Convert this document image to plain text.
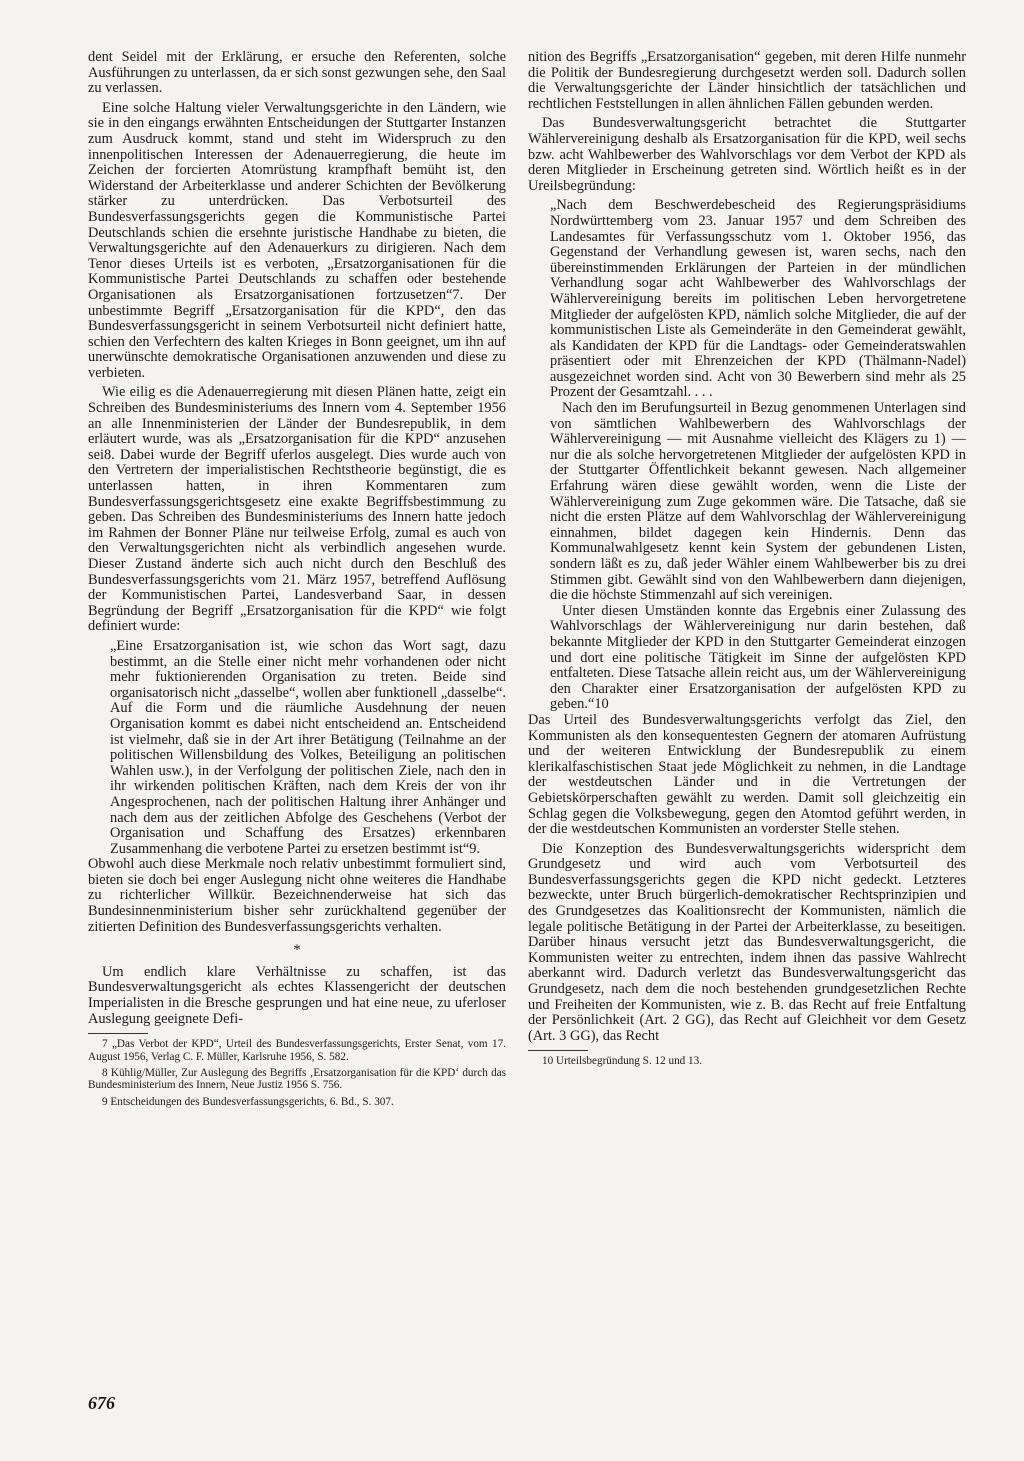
dent Seidel mit der Erklärung, er ersuche den Referenten, solche Ausführungen zu unterlassen, da er sich sonst gezwungen sehe, den Saal zu verlassen.

Eine solche Haltung vieler Verwaltungsgerichte in den Ländern, wie sie in den eingangs erwähnten Entscheidungen der Stuttgarter Instanzen zum Ausdruck kommt, stand und steht im Widerspruch zu den innenpolitischen Interessen der Adenauerregierung, die heute im Zeichen der forcierten Atomrüstung krampfhaft bemüht ist, den Widerstand der Arbeiterklasse und anderer Schichten der Bevölkerung stärker zu unterdrücken. Das Verbotsurteil des Bundesverfassungsgerichts gegen die Kommunistische Partei Deutschlands schien die ersehnte juristische Handhabe zu bieten, die Verwaltungsgerichte auf den Adenauerkurs zu dirigieren. Nach dem Tenor dieses Urteils ist es verboten, „Ersatzorganisationen für die Kommunistische Partei Deutschlands zu schaffen oder bestehende Organisationen als Ersatzorganisationen fortzusetzen“7. Der unbestimmte Begriff „Ersatzorganisation für die KPD“, den das Bundesverfassungsgericht in seinem Verbotsurteil nicht definiert hatte, schien den Verfechtern des kalten Krieges in Bonn geeignet, um ihn auf unerwünschte demokratische Organisationen anzuwenden und diese zu verbieten.

Wie eilig es die Adenauerregierung mit diesen Plänen hatte, zeigt ein Schreiben des Bundesministeriums des Innern vom 4. September 1956 an alle Innenministerien der Länder der Bundesrepublik, in dem erläutert wurde, was als „Ersatzorganisation für die KPD“ anzusehen sei8. Dabei wurde der Begriff uferlos ausgelegt. Dies wurde auch von den Vertretern der imperialistischen Rechtstheorie begünstigt, die es unterlassen hatten, in ihren Kommentaren zum Bundesverfassungsgerichtsgesetz eine exakte Begriffsbestimmung zu geben. Das Schreiben des Bundesministeriums des Innern hatte jedoch im Rahmen der Bonner Pläne nur teilweise Erfolg, zumal es auch von den Verwaltungsgerichten nicht als verbindlich angesehen wurde. Dieser Zustand änderte sich auch nicht durch den Beschluß des Bundesverfassungsgerichts vom 21. März 1957, betreffend Auflösung der Kommunistischen Partei, Landesverband Saar, in dessen Begründung der Begriff „Ersatzorganisation für die KPD“ wie folgt definiert wurde:

„Eine Ersatzorganisation ist, wie schon das Wort sagt, dazu bestimmt, an die Stelle einer nicht mehr vorhandenen oder nicht mehr fuktionierenden Organisation zu treten. Beide sind organisatorisch nicht „dasselbe“, wollen aber funktionell „dasselbe“. Auf die Form und die räumliche Ausdehnung der neuen Organisation kommt es dabei nicht entscheidend an. Entscheidend ist vielmehr, daß sie in der Art ihrer Betätigung (Teilnahme an der politischen Willensbildung des Volkes, Beteiligung an politischen Wahlen usw.), in der Verfolgung der politischen Ziele, nach den in ihr wirkenden politischen Kräften, nach dem Kreis der von ihr Angesprochenen, nach der politischen Haltung ihrer Anhänger und nach dem aus der zeitlichen Abfolge des Geschehens (Verbot der Organisation und Schaffung des Ersatzes) erkennbaren Zusammenhang die verbotene Partei zu ersetzen bestimmt ist“9.

Obwohl auch diese Merkmale noch relativ unbestimmt formuliert sind, bieten sie doch bei enger Auslegung nicht ohne weiteres die Handhabe zu richterlicher Willkür. Bezeichnenderweise hat sich das Bundesinnenministerium bisher sehr zurückhaltend gegenüber der zitierten Definition des Bundesverfassungsgerichts verhalten.

*

Um endlich klare Verhältnisse zu schaffen, ist das Bundesverwaltungsgericht als echtes Klassengericht der deutschen Imperialisten in die Bresche gesprungen und hat eine neue, zu uferloser Auslegung geeignete Defi-

7 „Das Verbot der KPD“, Urteil des Bundesverfassungsgerichts, Erster Senat, vom 17. August 1956, Verlag C. F. Müller, Karlsruhe 1956, S. 582.

8 Kühlig/Müller, Zur Auslegung des Begriffs ‚Ersatzorganisation für die KPD‘ durch das Bundesministerium des Innern, Neue Justiz 1956 S. 756.

9 Entscheidungen des Bundesverfassungsgerichts, 6. Bd., S. 307.

nition des Begriffs „Ersatzorganisation“ gegeben, mit deren Hilfe nunmehr die Politik der Bundesregierung durchgesetzt werden soll. Dadurch sollen die Verwaltungsgerichte der Länder hinsichtlich der tatsächlichen und rechtlichen Feststellungen in allen ähnlichen Fällen gebunden werden.

Das Bundesverwaltungsgericht betrachtet die Stuttgarter Wählervereinigung deshalb als Ersatzorganisation für die KPD, weil sechs bzw. acht Wahlbewerber des Wahlvorschlags vor dem Verbot der KPD als deren Mitglieder in Erscheinung getreten sind. Wörtlich heißt es in der Ureilsbegründung:

„Nach dem Beschwerdebescheid des Regierungspräsidiums Nordwürttemberg vom 23. Januar 1957 und dem Schreiben des Landesamtes für Verfassungsschutz vom 1. Oktober 1956, das Gegenstand der Verhandlung gewesen ist, waren sechs, nach den übereinstimmenden Erklärungen der Parteien in der mündlichen Verhandlung sogar acht Wahlbewerber des Wahlvorschlags der Wählervereinigung bereits im politischen Leben hervorgetretene Mitglieder der aufgelösten KPD, nämlich solche Mitglieder, die auf der kommunistischen Liste als Gemeinderäte in den Gemeinderat gewählt, als Kandidaten der KPD für die Landtags- oder Gemeinderatswahlen präsentiert oder mit Ehrenzeichen der KPD (Thälmann-Nadel) ausgezeichnet worden sind. Acht von 30 Bewerbern sind mehr als 25 Prozent der Gesamtzahl. . . .

Nach den im Berufungsurteil in Bezug genommenen Unterlagen sind von sämtlichen Wahlbewerbern des Wahlvorschlags der Wählervereinigung — mit Ausnahme vielleicht des Klägers zu 1) — nur die als solche hervorgetretenen Mitglieder der aufgelösten KPD in der Stuttgarter Öffentlichkeit bekannt gewesen. Nach allgemeiner Erfahrung wären diese gewählt worden, wenn die Liste der Wählervereinigung zum Zuge gekommen wäre. Die Tatsache, daß sie nicht die ersten Plätze auf dem Wahlvorschlag der Wählervereinigung einnahmen, bildet dagegen kein Hindernis. Denn das Kommunalwahlgesetz kennt kein System der gebundenen Listen, sondern läßt es zu, daß jeder Wähler einem Wahlbewerber bis zu drei Stimmen gibt. Gewählt sind von den Wahlbewerbern dann diejenigen, die die höchste Stimmenzahl auf sich vereinigen.

Unter diesen Umständen konnte das Ergebnis einer Zulassung des Wahlvorschlags der Wählervereinigung nur darin bestehen, daß bekannte Mitglieder der KPD in den Stuttgarter Gemeinderat einzogen und dort eine politische Tätigkeit im Sinne der aufgelösten KPD entfalteten. Diese Tatsache allein reicht aus, um der Wählervereinigung den Charakter einer Ersatzorganisation der aufgelösten KPD zu geben.“10

Das Urteil des Bundesverwaltungsgerichts verfolgt das Ziel, den Kommunisten als den konsequentesten Gegnern der atomaren Aufrüstung und der weiteren Entwicklung der Bundesrepublik zu einem klerikalfaschistischen Staat jede Möglichkeit zu nehmen, in die Landtage der westdeutschen Länder und in die Vertretungen der Gebietskörperschaften gewählt zu werden. Damit soll gleichzeitig ein Schlag gegen die Volksbewegung, gegen den Atomtod geführt werden, in der die westdeutschen Kommunisten an vorderster Stelle stehen.

Die Konzeption des Bundesverwaltungsgerichts widerspricht dem Grundgesetz und wird auch vom Verbotsurteil des Bundesverfassungsgerichts gegen die KPD nicht gedeckt. Letzteres bezweckte, unter Bruch bürgerlich-demokratischer Rechtsprinzipien und des Grundgesetzes das Koalitionsrecht der Kommunisten, nämlich die legale politische Betätigung in der Partei der Arbeiterklasse, zu beseitigen. Darüber hinaus versucht jetzt das Bundesverwaltungsgericht, die Kommunisten weiter zu entrechten, indem ihnen das passive Wahlrecht aberkannt wird. Dadurch verletzt das Bundesverwaltungsgericht das Grundgesetz, nach dem die noch bestehenden grundgesetzlichen Rechte und Freiheiten der Kommunisten, wie z. B. das Recht auf freie Entfaltung der Persönlichkeit (Art. 2 GG), das Recht auf Gleichheit vor dem Gesetz (Art. 3 GG), das Recht

10 Urteilsbegründung S. 12 und 13.

676
